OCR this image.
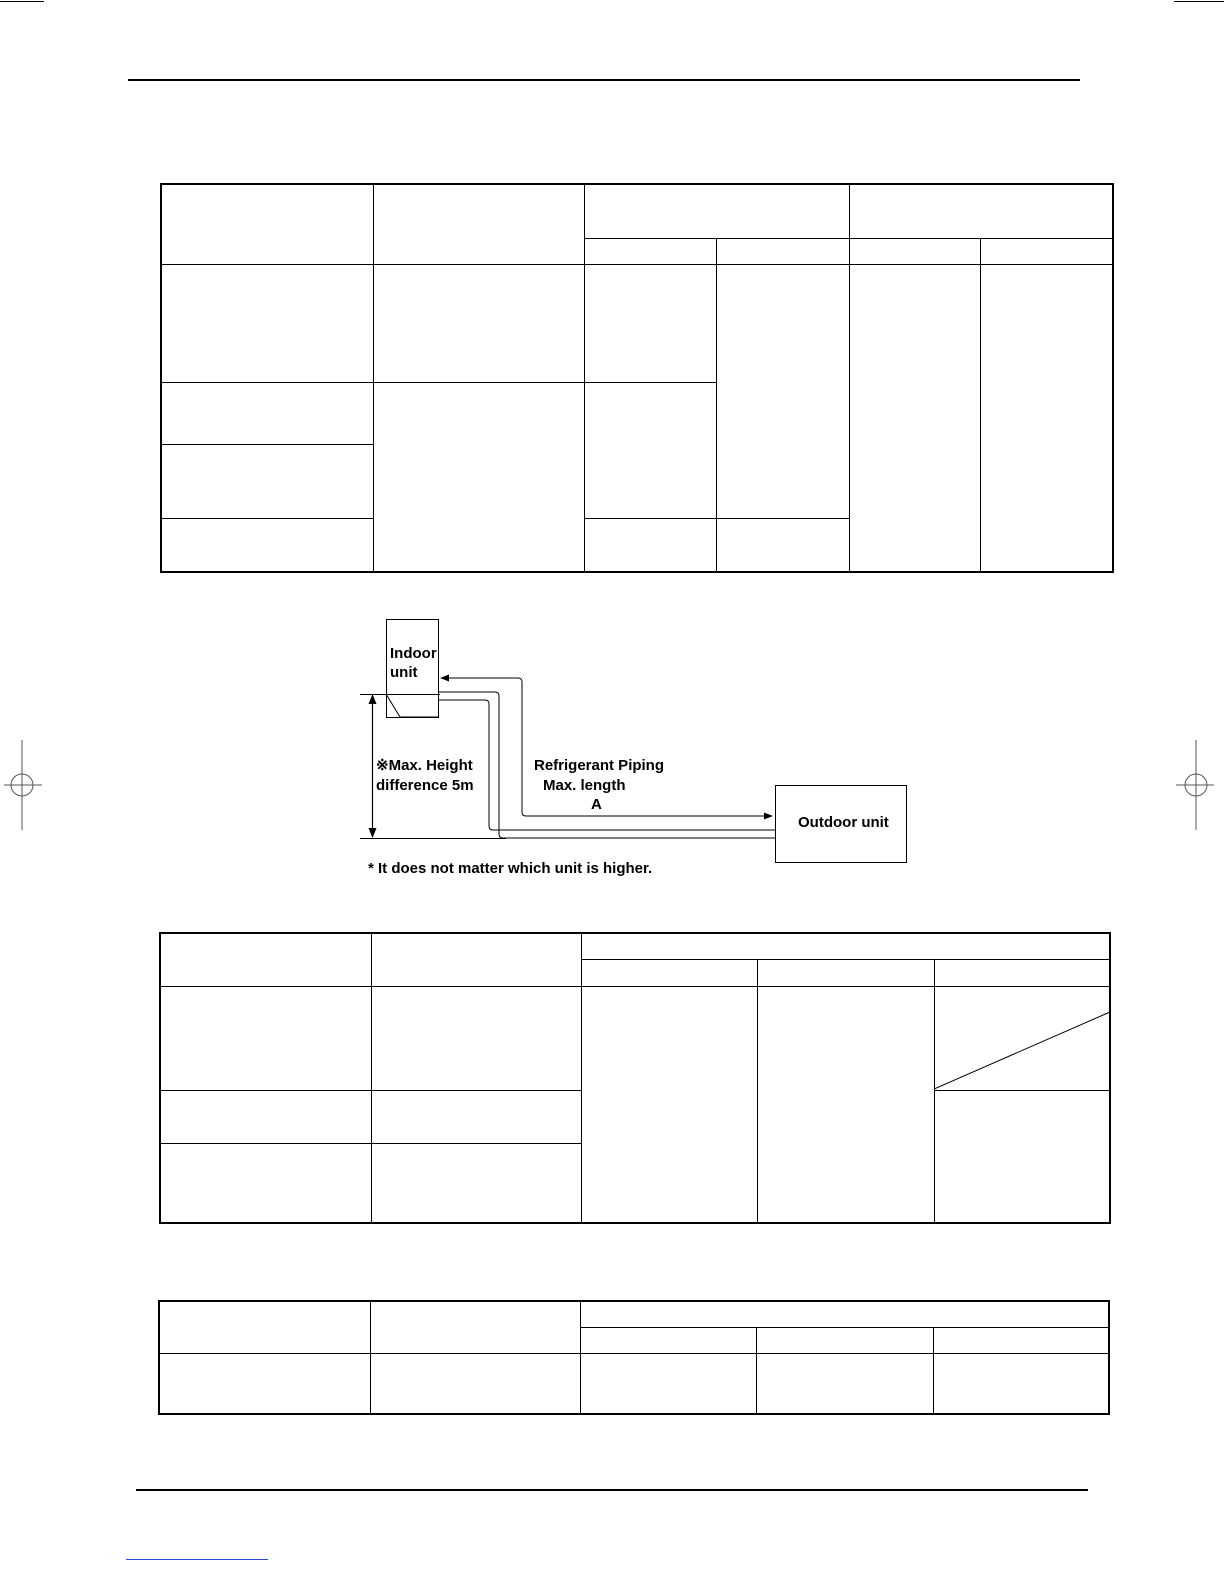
Indoor
unit
※Max. Height
difference 5m
Refrigerant Piping
Max. length
A
Outdoor unit
* It does not matter which unit is higher.
